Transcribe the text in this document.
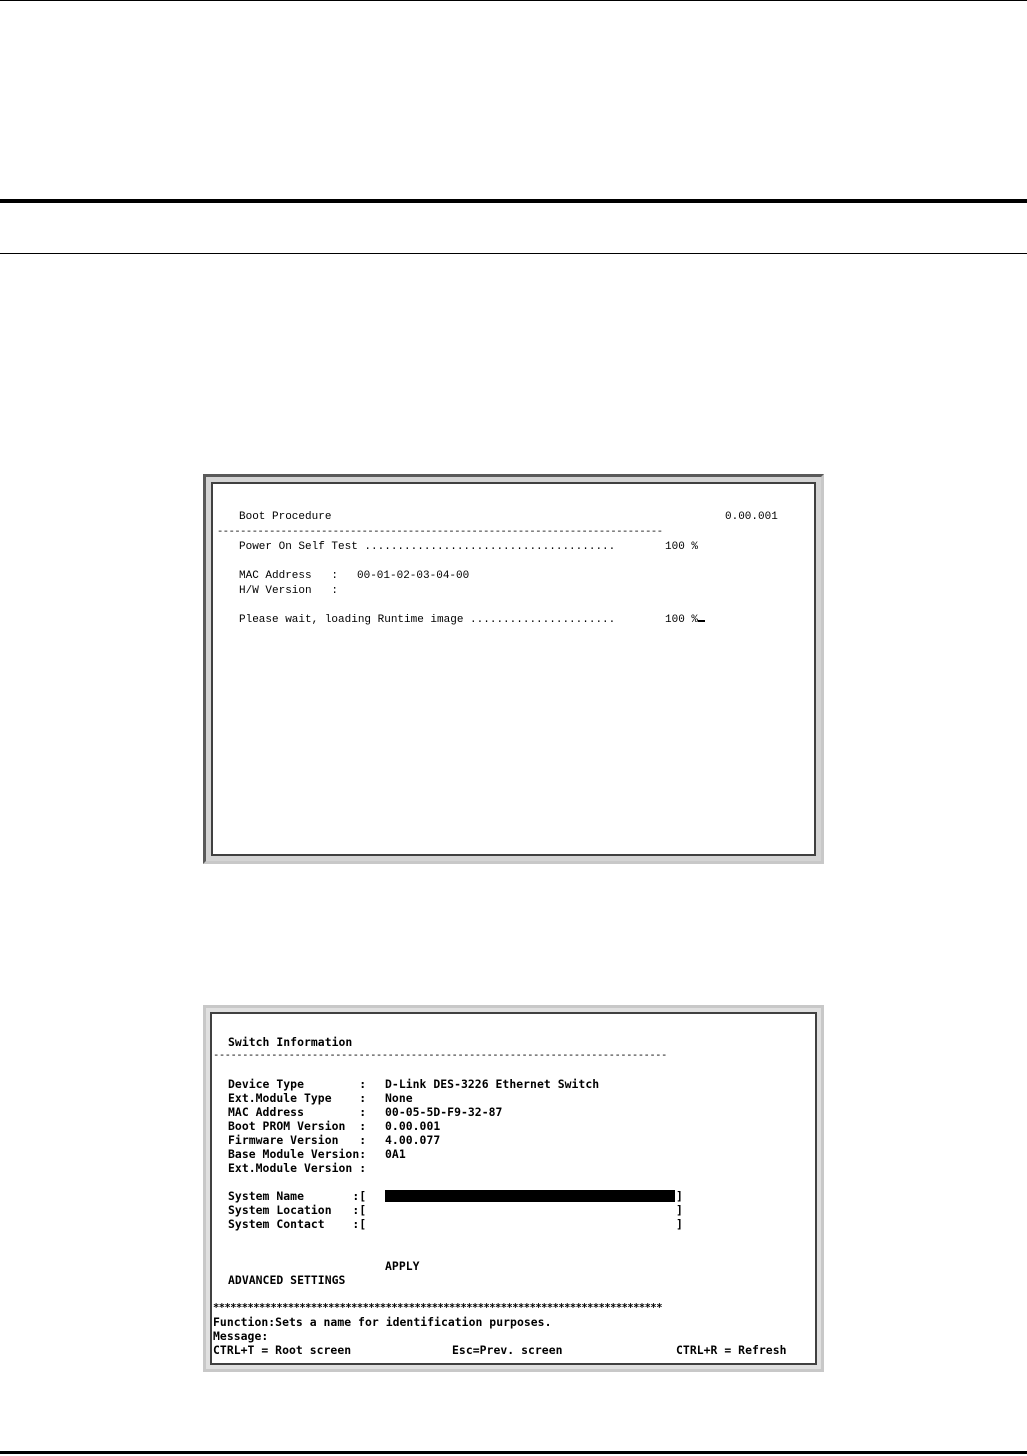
Boot Procedure	0.00.001
-----------------------------------------------------------------------------
Power On Self Test ......................................	100 %
MAC Address   : 00-01-02-03-04-00
H/W Version   :
Please wait, loading Runtime image ......................	100 %
Switch Information
------------------------------------------------------------------------------
Device Type        : D-Link DES-3226 Ethernet Switch
Ext.Module Type    : None
MAC Address        : 00-05-5D-F9-32-87
Boot PROM Version  : 0.00.001
Firmware Version   : 4.00.077
Base Module Version: 0A1
Ext.Module Version :
System Name       :[	]
System Location   :[	]
System Contact    :[	]
APPLY
ADVANCED SETTINGS
******************************************************************************
Function:Sets a name for identification purposes.
Message:
CTRL+T = Root screen	Esc=Prev. screen	CTRL+R = Refresh
